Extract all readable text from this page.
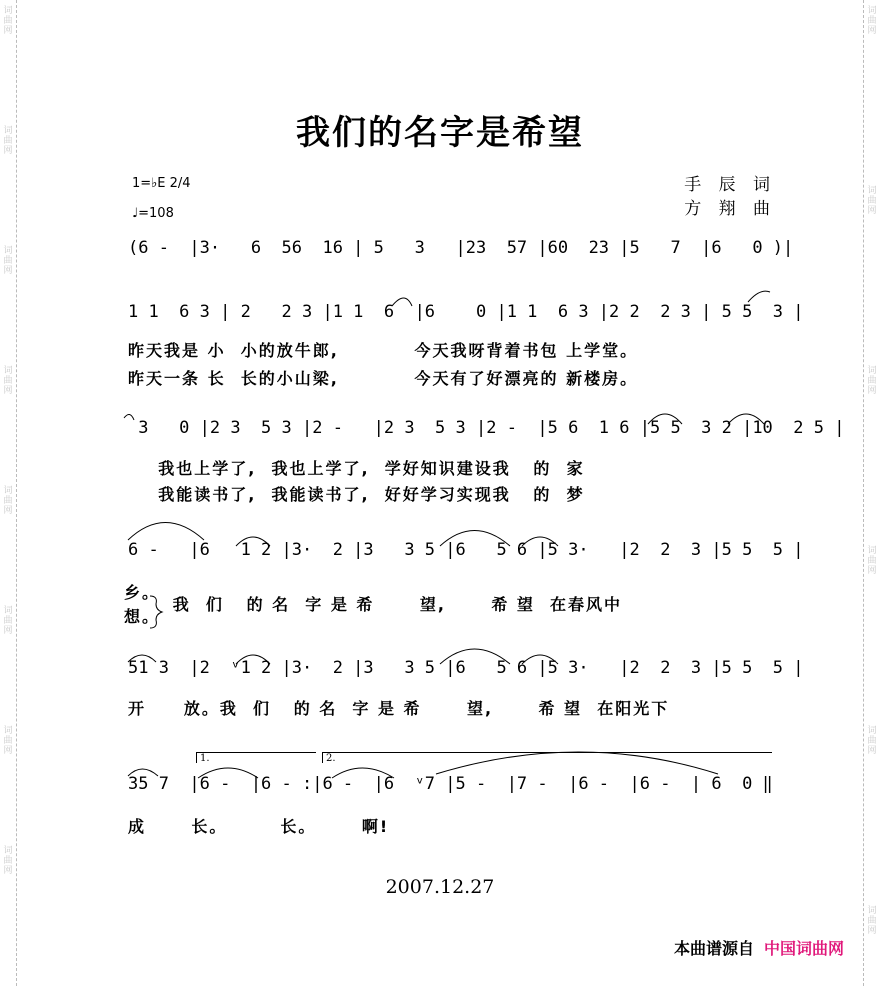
词
曲
网
词
曲
网
词
曲
网
词
曲
网
词
曲
网
词
曲
网
词
曲
网
词
曲
网
词
曲
网
词
曲
网
词
曲
网
词
曲
网
词
曲
网
词
曲
网
我们的名字是希望
1=♭E 2/4
♩=108
手 辰 词
方 翔 曲
(6 -  |3·   6  56  16 | 5   3   |23  57 |60  23 |5   7  |6   0 )|
1 1  6 3 | 2   2 3 |1 1  6  |6    0 |1 1  6 3 |2 2  2 3 | 5 5  3 |
昨天我是 小  小的放牛郎,          今天我呀背着书包 上学堂。
昨天一条 长  长的小山梁,          今天有了好漂亮的 新楼房。
3   0 |2 3  5 3 |2 -   |2 3  5 3 |2 -  |5 6  1 6 |5 5  3 2 |10  2 5 |
我也上学了,  我也上学了,  学好知识建设我   的  家
我能读书了,  我能读书了,  好好学习实现我   的  梦
6 -   |6   1 2 |3·  2 |3   3 5 |6   5 6 |5 3·   |2  2  3 |5 5  5 |
乡。
想。
我  们   的 名  字 是 希      望,      希 望  在春风中
51 3  |2  ᵛ1 2 |3·  2 |3   3 5 |6   5 6 |5 3·   |2  2  3 |5 5  5 |
开     放。我  们   的 名  字 是 希      望,      希 望  在阳光下
1.	2.
35 7  |6 -  |6 - :|6 -  |6  ᵛ7 |5 -  |7 -  |6 -  |6 -  | 6  0 ‖
成      长。       长。      啊!
2007.12.27
本曲谱源自 中国词曲网
